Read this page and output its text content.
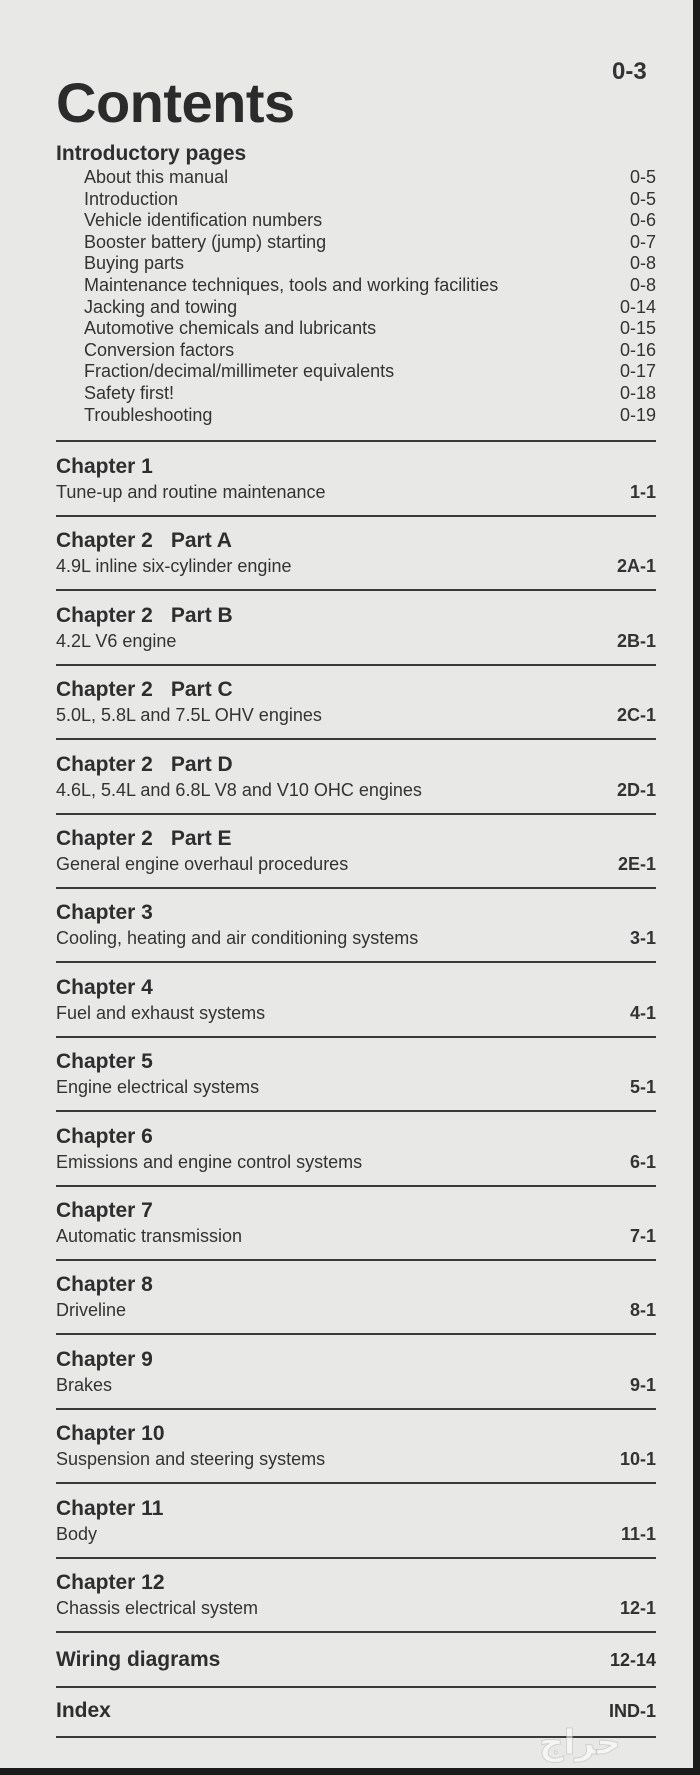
0-3
Contents
Introductory pages
About this manual	0-5
Introduction	0-5
Vehicle identification numbers	0-6
Booster battery (jump) starting	0-7
Buying parts	0-8
Maintenance techniques, tools and working facilities	0-8
Jacking and towing	0-14
Automotive chemicals and lubricants	0-15
Conversion factors	0-16
Fraction/decimal/millimeter equivalents	0-17
Safety first!	0-18
Troubleshooting	0-19
Chapter 1
Tune-up and routine maintenance	1-1
Chapter 2 Part A
4.9L inline six-cylinder engine	2A-1
Chapter 2 Part B
4.2L V6 engine	2B-1
Chapter 2 Part C
5.0L, 5.8L and 7.5L OHV engines	2C-1
Chapter 2 Part D
4.6L, 5.4L and 6.8L V8 and V10 OHC engines	2D-1
Chapter 2 Part E
General engine overhaul procedures	2E-1
Chapter 3
Cooling, heating and air conditioning systems	3-1
Chapter 4
Fuel and exhaust systems	4-1
Chapter 5
Engine electrical systems	5-1
Chapter 6
Emissions and engine control systems	6-1
Chapter 7
Automatic transmission	7-1
Chapter 8
Driveline	8-1
Chapter 9
Brakes	9-1
Chapter 10
Suspension and steering systems	10-1
Chapter 11
Body	11-1
Chapter 12
Chassis electrical system	12-1
Wiring diagrams	12-14
Index	IND-1
حراج
